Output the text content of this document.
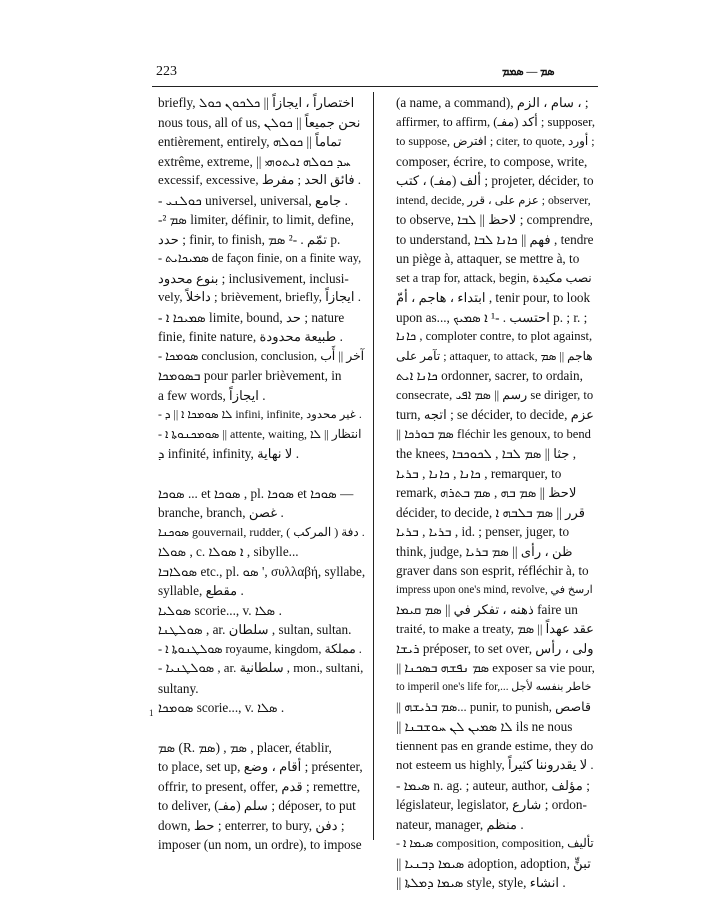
223	ܣܡ — ܣܡܡ
1
briefly, اختصاراً ، ايجازاً || ܟܠܟܘܢ ܟܘܠ
nous tous, all of us, نحن جميعاً || ܟܘܠܢ
entièrement, entirely, تماماً || ܟܘܠܗ
extrême, extreme, || ܚܕ ܟܘܠܗ ܐܝܬܘܗܝ
excessif, excessive, فائق الحد ; مفرط .
- ܟܘܠܢܝ universel, universal, جامع .
-² ܣܡ limiter, définir, to limit, define,
حدد ; finir, to finish, تمّم . -² ܣܡ p.
- ܣܡܝܟܐܝܬ de façon finie, on a finite way,
بنوع محدود ; inclusivement, inclusi-
vely, داخلاً ; brièvement, briefly, ايجازاً .
- ܣܡܝܟܐ ܐ limite, bound, حد ; nature
finie, finite nature, طبيعة محدودة .
- ܣܘܡܟܐ conclusion, conclusion, آخر || أَب
ܒܣܘܡܟܐ pour parler brièvement, in
a few words, ايجازاً .
- ܠܐ ܣܘܡܟܐ ܐ || ܕ infini, infinite, غير محدود .
- ܣܘܡܟܢܘܬܐ ܐ || attente, waiting, انتظار || ܠܐ
ܕ infinité, infinity, لا نهاية .
ܣܘܟܐ ... et ܣܘܟܐ , pl. ܣܘܟܐ et ܣܘܟܐ —
branche, branch, غصن .
ܣܘܟܢܐ gouvernail, rudder, ( المركب ) دفة .
ܣܘܠܐ , c. ܐ ܣܘܠܐ , sibylle...
ܣܘܠܐܒܐ etc., pl. ܣܘ ', συλλαβή, syllabe,
syllable, مقطع .
ܣܘܠܝܐ scorie..., v. ܣܠܐ .
ܣܘܠܛܢܐ , ar. سلطان , sultan, sultan.
- ܣܘܠܛܢܘܬܐ ܐ royaume, kingdom, مملكة .
- ܣܘܠܛܢܝܐ , ar. سلطانية , mon., sultani,
sultany.
ܣܘܡܟܐ scorie..., v. ܣܠܐ .
ܣܡ (R. ܣܡ) , ܣܡ , placer, établir,
to place, set up, أقام ، وضع ; présenter,
offrir, to present, offer, قدم ; remettre,
to deliver, سلم (مفـ) ; déposer, to put
down, حط ; enterrer, to bury, دفن ;
imposer (un nom, un ordre), to impose
(a name, a command), سام ، الزم ، ;
affirmer, to affirm, أكد (مفـ) ; supposer,
to suppose, افترض ; citer, to quote, أورد ;
composer, écrire, to compose, write,
ألف (مفـ) ، كتب ; projeter, décider, to
intend, decide, عزم على ، قرر ; observer,
to observe, لاحظ || ܠܒܐ ; comprendre,
to understand, فهم || ܟܐܢܐ ܠܒܐ , tendre
un piège à, attaquer, se mettre à, to
set a trap for, attack, begin, نصب مكيدة
ابتداء ، هاجم ، أمّ , tenir pour, to look
upon as..., احتسب . -¹ ܐ ܣܡܝܟ p. ; r. ;
ܟܐܢܐ , comploter contre, to plot against,
تآمر على ; attaquer, to attack, هاجم || ܣܡ
ܟܐܢܐ ܐܝܬ ordonner, sacrer, to ordain,
consecrate, رسم || ܣܡ ܐܦܝ se diriger, to
turn, اتجه ; se décider, to decide, عزم
|| ܣܡ ܒܘܪܟܐ fléchir les genoux, to bend
the knees, جثا || ܣܡ ܠܒܐ , ܠܟܘܟܒܐ ,
ܟܐܢܐ , ܟܐܢܐ , ܒܪܝܐ , remarquer, to
remark, لاحظ || ܣܡ ܒܗ , ܣܡ ܒܬܪܗ
décider, to decide, قرر || ܣܡ ܒܠܒܗ ܐ
ܒܪܝܐ , ܒܪܝܐ , id. ; penser, juger, to
think, judge, ظن ، رأى || ܣܡ ܒܪܝܐ
graver dans son esprit, réfléchir à, to
impress upon one's mind, revolve, ارسخ في
ذهنه ، تفكر في || ܣܡ ܩܝܡܐ faire un
traité, to make a treaty, عقد عهداً || ܣܡ
ܪܝܫܐ préposer, to set over, ولى ، رأس
|| ܣܡ ܢܦܫܗ ܒܣܟܢܐ exposer sa vie pour,
to imperil one's life for,... خاطر بنفسه لأجل
|| ܣܡ ܒܪܝܫܗ... punir, to punish, قاصص
|| ܠܐ ܣܡܝܢ ܠܢ ܚܘܫܒܢܐ ils ne nous
tiennent pas en grande estime, they do
not esteem us highly, لا يقدروننا كثيراً .
- ܣܝܡܐ n. ag. ; auteur, author, مؤلف ;
législateur, legislator, شارع ; ordon-
nateur, manager, منظم .
- ܣܝܡܐ ܐ composition, composition, تأليف
|| ܣܝܡܐ ܕܒܢܝܐ adoption, adoption, تبنٍّ
|| ܣܝܡܐ ܕܡܠܬܐ style, style, انشاء .
